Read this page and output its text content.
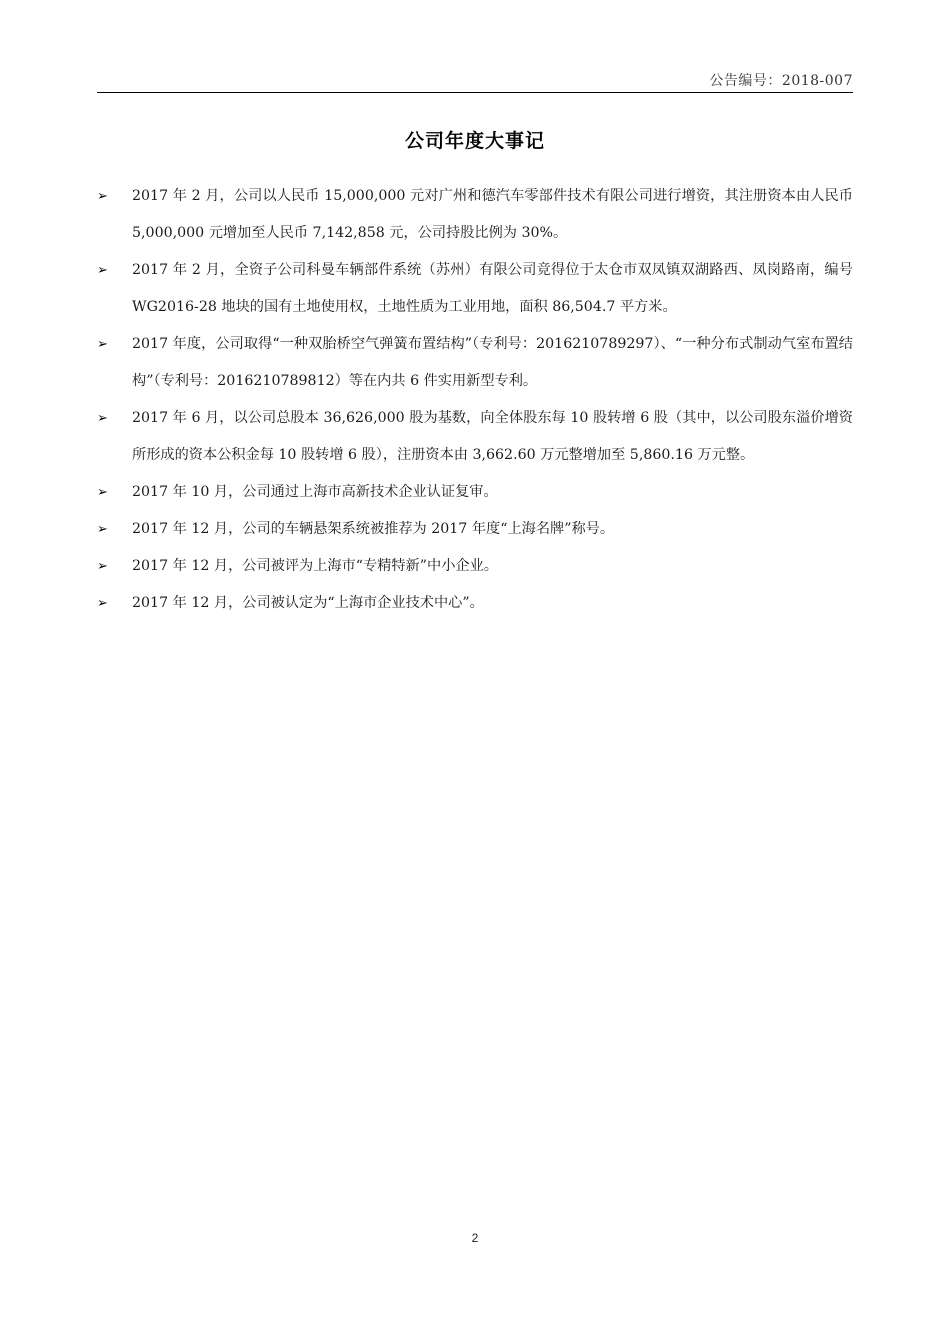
公告编号：2018-007
公司年度大事记
➢	2017 年 2 月，公司以人民币 15,000,000 元对广州和德汽车零部件技术有限公司进行增资，其注册资本由人民币 5,000,000 元增加至人民币 7,142,858 元，公司持股比例为 30%。
➢	2017 年 2 月，全资子公司科曼车辆部件系统（苏州）有限公司竞得位于太仓市双凤镇双湖路西、凤岗路南，编号 WG2016-28 地块的国有土地使用权，土地性质为工业用地，面积 86,504.7 平方米。
➢	2017 年度，公司取得“一种双胎桥空气弹簧布置结构”（专利号：2016210789297）、“一种分布式制动气室布置结构”（专利号：2016210789812）等在内共 6 件实用新型专利。
➢	2017 年 6 月，以公司总股本 36,626,000 股为基数，向全体股东每 10 股转增 6 股（其中，以公司股东溢价增资所形成的资本公积金每 10 股转增 6 股），注册资本由 3,662.60 万元整增加至 5,860.16 万元整。
➢	2017 年 10 月，公司通过上海市高新技术企业认证复审。
➢	2017 年 12 月，公司的车辆悬架系统被推荐为 2017 年度“上海名牌”称号。
➢	2017 年 12 月，公司被评为上海市“专精特新”中小企业。
➢	2017 年 12 月，公司被认定为“上海市企业技术中心”。
2
